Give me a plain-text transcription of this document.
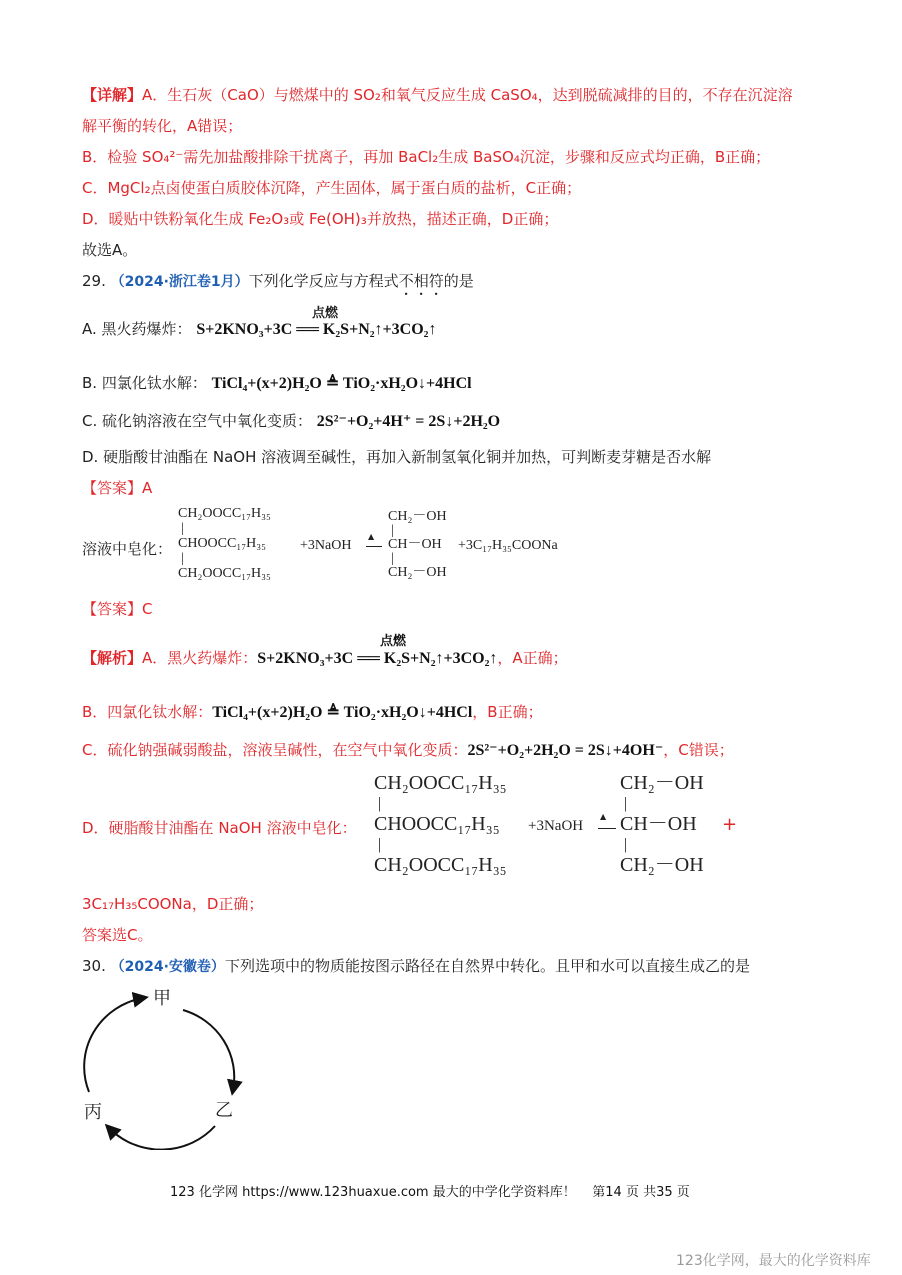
【详解】A．生石灰（CaO）与燃煤中的 SO₂和氧气反应生成 CaSO₄，达到脱硫减排的目的，不存在沉淀溶
解平衡的转化，A错误；
B．检验 SO₄²⁻需先加盐酸排除干扰离子，再加 BaCl₂生成 BaSO₄沉淀，步骤和反应式均正确，B正确；
C．MgCl₂点卤使蛋白质胶体沉降，产生固体，属于蛋白质的盐析，C正确；
D．暖贴中铁粉氧化生成 Fe₂O₃或 Fe(OH)₃并放热，描述正确，D正确；
故选A。
29. （2024·浙江卷1月）下列化学反应与方程式不相符的是
A. 黑火药爆炸： S+2KNO₃+3C ══ K₂S+N₂↑+3CO₂↑
点燃
B. 四氯化钛水解： TiCl₄+(x+2)H₂O ≜ TiO₂·xH₂O↓+4HCl
C. 硫化钠溶液在空气中氧化变质： 2S²⁻+O₂+4H⁺ = 2S↓+2H₂O
D. 硬脂酸甘油酯在 NaOH 溶液调至碱性，再加入新制氢氧化铜并加热，可判断麦芽糖是否水解
【答案】A
溶液中皂化：
CH₂OOCC₁₇H₃₅
|
CHOOCC₁₇H₃₅
|
CH₂OOCC₁₇H₃₅
+3NaOH
▲
CH₂－OH
|
CH－OH
|
CH₂－OH
+3C₁₇H₃₅COONa
【答案】C
【解析】A．黑火药爆炸：S+2KNO₃+3C ══ K₂S+N₂↑+3CO₂↑，A正确；
点燃
B．四氯化钛水解：TiCl₄+(x+2)H₂O ≜ TiO₂·xH₂O↓+4HCl，B正确；
C．硫化钠强碱弱酸盐，溶液呈碱性，在空气中氧化变质：2S²⁻+O₂+2H₂O = 2S↓+4OH⁻，C错误；
D．硬脂酸甘油酯在 NaOH 溶液中皂化：
CH₂OOCC₁₇H₃₅
|
CHOOCC₁₇H₃₅
|
CH₂OOCC₁₇H₃₅
+3NaOH
▲
CH₂－OH
|
CH－OH
|
CH₂－OH
+
3C₁₇H₃₅COONa，D正确；
答案选C。
30. （2024·安徽卷）下列选项中的物质能按图示路径在自然界中转化。且甲和水可以直接生成乙的是
甲
乙
丙
123 化学网 https://www.123huaxue.com 最大的中学化学资料库！ 第14 页 共35 页
123化学网，最大的化学资料库
